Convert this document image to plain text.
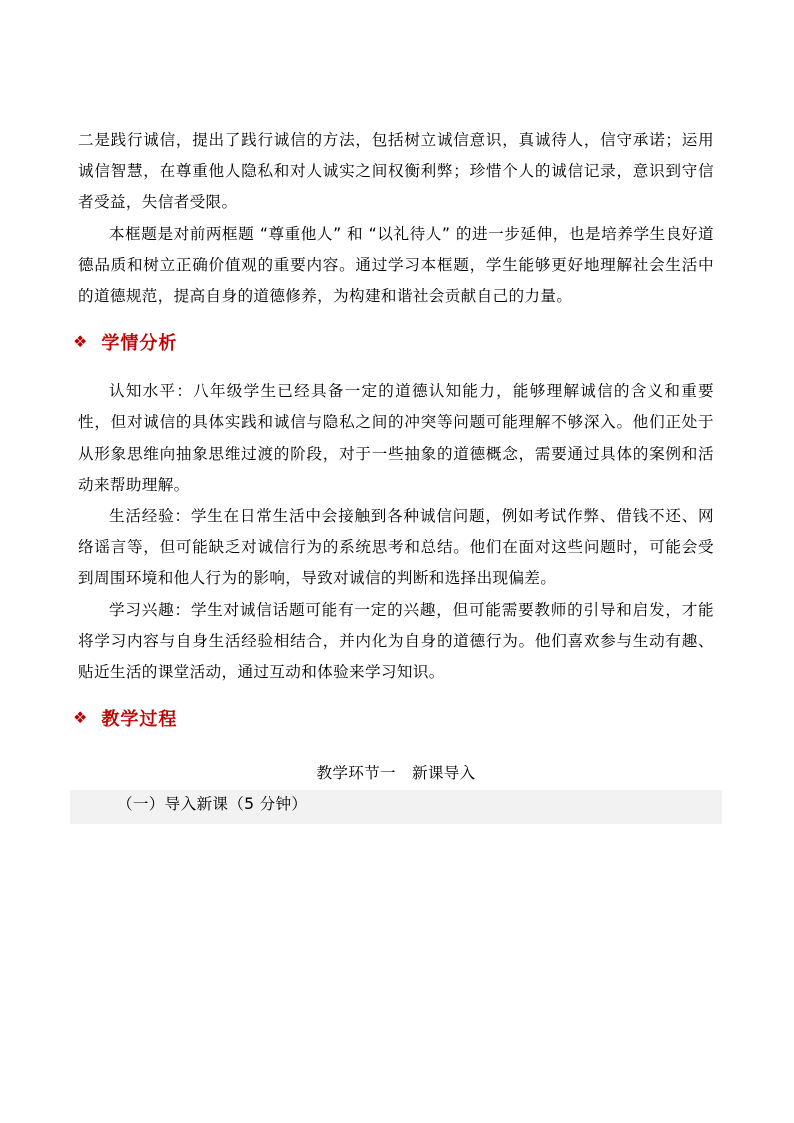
二是践行诚信，提出了践行诚信的方法，包括树立诚信意识，真诚待人，信守承诺；运用诚信智慧，在尊重他人隐私和对人诚实之间权衡利弊；珍惜个人的诚信记录，意识到守信者受益，失信者受限。

本框题是对前两框题 “尊重他人” 和 “以礼待人” 的进一步延伸，也是培养学生良好道德品质和树立正确价值观的重要内容。通过学习本框题，学生能够更好地理解社会生活中的道德规范，提高自身的道德修养，为构建和谐社会贡献自己的力量。

❖ 学情分析

认知水平：八年级学生已经具备一定的道德认知能力，能够理解诚信的含义和重要性，但对诚信的具体实践和诚信与隐私之间的冲突等问题可能理解不够深入。他们正处于从形象思维向抽象思维过渡的阶段，对于一些抽象的道德概念，需要通过具体的案例和活动来帮助理解。

生活经验：学生在日常生活中会接触到各种诚信问题，例如考试作弊、借钱不还、网络谣言等，但可能缺乏对诚信行为的系统思考和总结。他们在面对这些问题时，可能会受到周围环境和他人行为的影响，导致对诚信的判断和选择出现偏差。

学习兴趣：学生对诚信话题可能有一定的兴趣，但可能需要教师的引导和启发，才能将学习内容与自身生活经验相结合，并内化为自身的道德行为。他们喜欢参与生动有趣、贴近生活的课堂活动，通过互动和体验来学习知识。

❖ 教学过程
教学环节一 新课导入
（一）导入新课（5 分钟）
